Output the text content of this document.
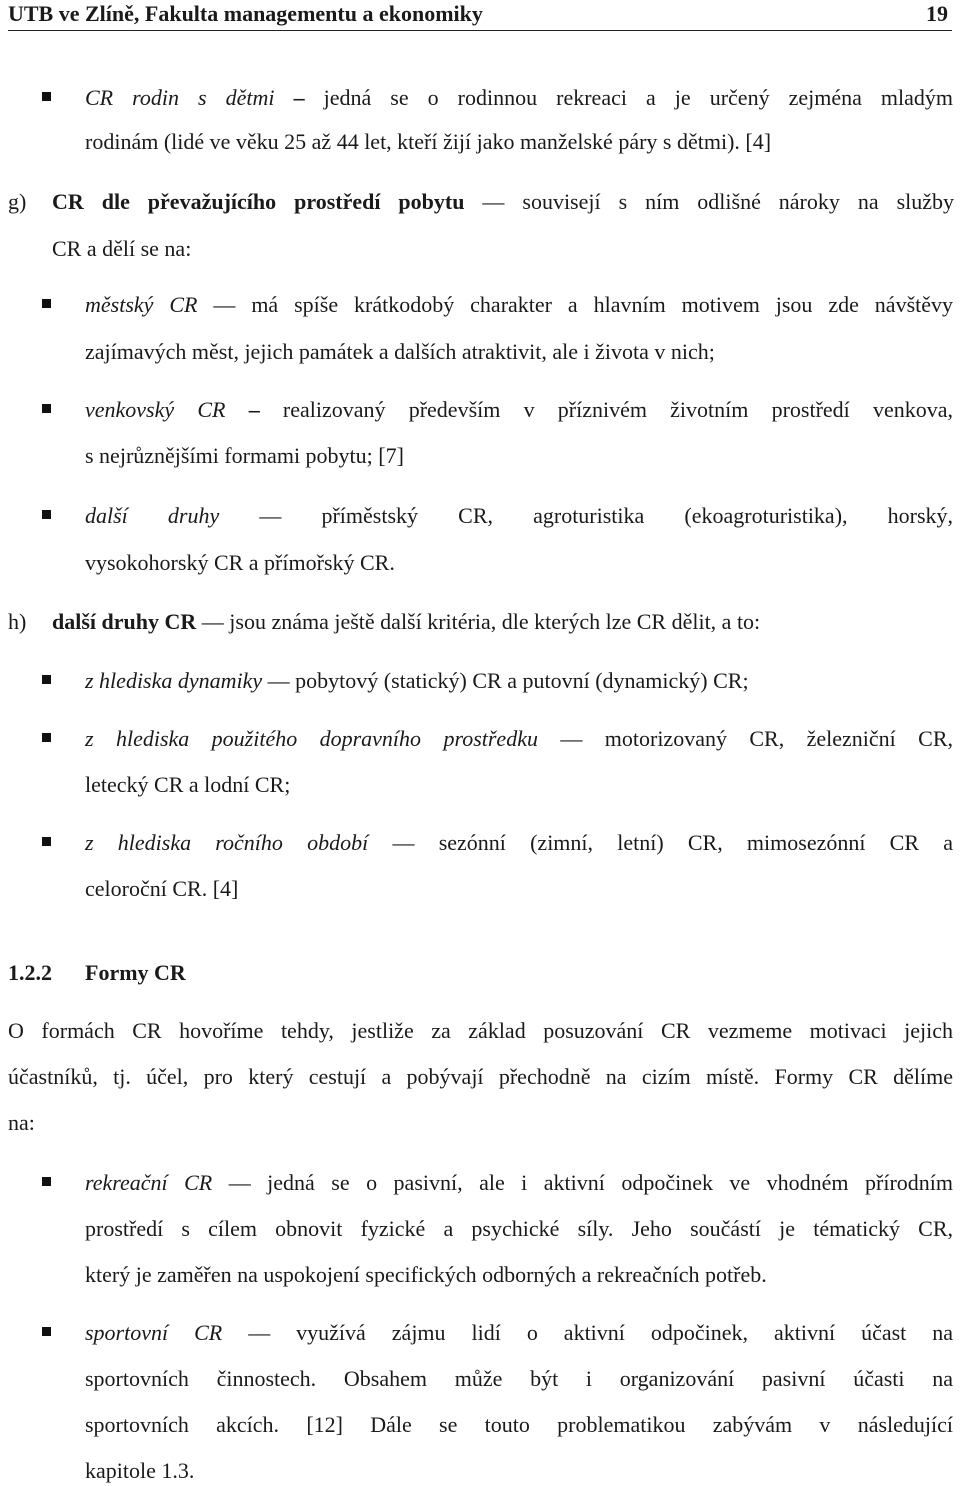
UTB ve Zlíně, Fakulta managementu a ekonomiky	19
CR rodin s dětmi – jedná se o rodinnou rekreaci a je určený zejména mladým
rodinám (lidé ve věku 25 až 44 let, kteří žijí jako manželské páry s dětmi). [4]
g) CR dle převažujícího prostředí pobytu — souvisejí s ním odlišné nároky na služby
CR a dělí se na:
městský CR — má spíše krátkodobý charakter a hlavním motivem jsou zde návštěvy
zajímavých měst, jejich památek a dalších atraktivit, ale i života v nich;
venkovský CR – realizovaný především v příznivém životním prostředí venkova,
s nejrůznějšími formami pobytu; [7]
další druhy — příměstský CR, agroturistika (ekoagroturistika), horský,
vysokohorský CR a přímořský CR.
h) další druhy CR — jsou známa ještě další kritéria, dle kterých lze CR dělit, a to:
z hlediska dynamiky — pobytový (statický) CR a putovní (dynamický) CR;
z hlediska použitého dopravního prostředku — motorizovaný CR, železniční CR,
letecký CR a lodní CR;
z hlediska ročního období — sezónní (zimní, letní) CR, mimosezónní CR a
celoroční CR. [4]
1.2.2 Formy CR
O formách CR hovoříme tehdy, jestliže za základ posuzování CR vezmeme motivaci jejich
účastníků, tj. účel, pro který cestují a pobývají přechodně na cizím místě. Formy CR dělíme
na:
rekreační CR — jedná se o pasivní, ale i aktivní odpočinek ve vhodném přírodním
prostředí s cílem obnovit fyzické a psychické síly. Jeho součástí je tématický CR,
který je zaměřen na uspokojení specifických odborných a rekreačních potřeb.
sportovní CR — využívá zájmu lidí o aktivní odpočinek, aktivní účast na
sportovních činnostech. Obsahem může být i organizování pasivní účasti na
sportovních akcích. [12] Dále se touto problematikou zabývám v následující
kapitole 1.3.
